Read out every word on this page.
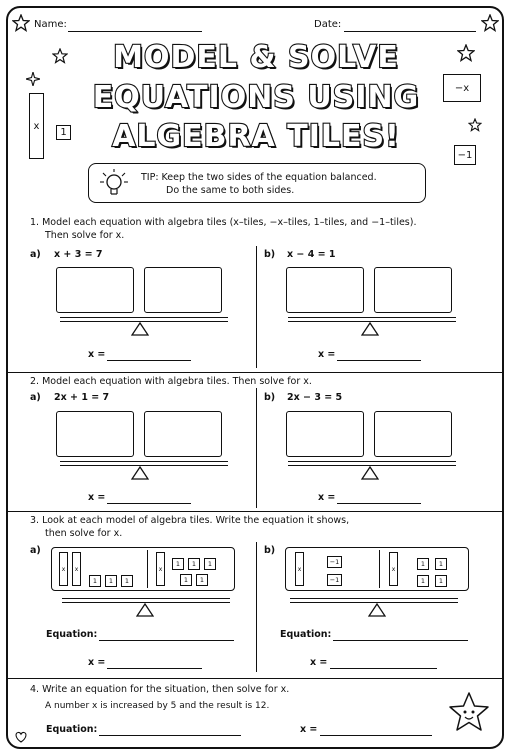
Name:	Date:
MODEL & SOLVE
EQUATIONS USING
ALGEBRA TILES!
x
1
−x
−1
TIP: Keep the two sides of the equation balanced.
Do the same to both sides.
1. Model each equation with algebra tiles (x–tiles, −x–tiles, 1–tiles, and −1–tiles).
Then solve for x.
a) x + 3 = 7	b) x − 4 = 1
x =	x =
2. Model each equation with algebra tiles. Then solve for x.
a) 2x + 1 = 7	b) 2x − 3 = 5
x =	x =
3. Look at each model of algebra tiles. Write the equation it shows,
then solve for x.
a)	b)
x x
1 1 1
x
1 1 1
1 1
Equation:
x =
x
−1
−1
x
1 1
1 1
Equation:
x =
4. Write an equation for the situation, then solve for x.
A number x is increased by 5 and the result is 12.
Equation:	x =
